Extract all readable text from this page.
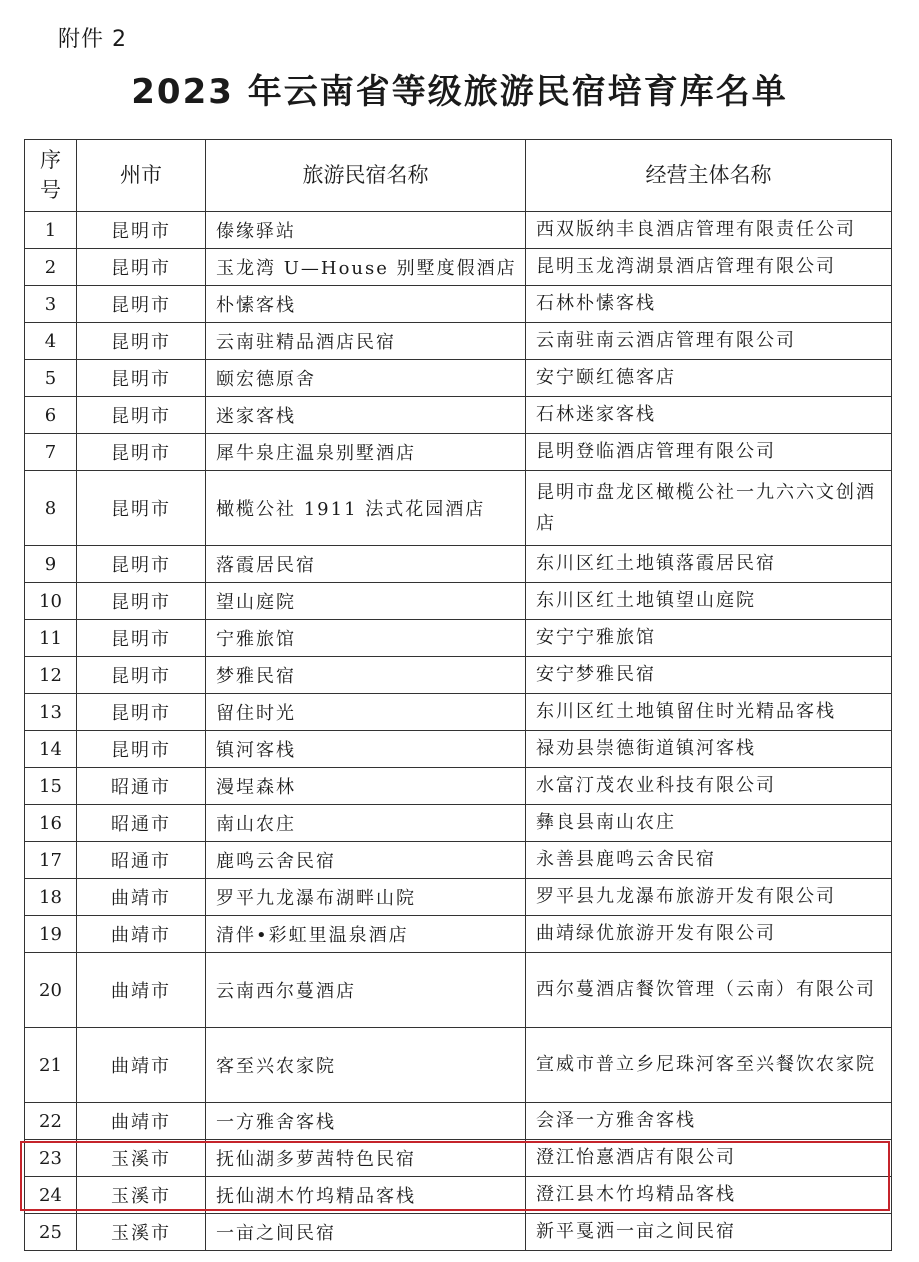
附件 2
2023 年云南省等级旅游民宿培育库名单
序号	州市	旅游民宿名称	经营主体名称
1	昆明市	傣缘驿站	西双版纳丰良酒店管理有限责任公司
2	昆明市	玉龙湾 U—House 别墅度假酒店	昆明玉龙湾湖景酒店管理有限公司
3	昆明市	朴愫客栈	石林朴愫客栈
4	昆明市	云南驻精品酒店民宿	云南驻南云酒店管理有限公司
5	昆明市	颐宏德原舍	安宁颐红德客店
6	昆明市	迷家客栈	石林迷家客栈
7	昆明市	犀牛泉庄温泉别墅酒店	昆明登临酒店管理有限公司
8	昆明市	橄榄公社 1911 法式花园酒店	昆明市盘龙区橄榄公社一九六六文创酒店
9	昆明市	落霞居民宿	东川区红土地镇落霞居民宿
10	昆明市	望山庭院	东川区红土地镇望山庭院
11	昆明市	宁雅旅馆	安宁宁雅旅馆
12	昆明市	梦雅民宿	安宁梦雅民宿
13	昆明市	留住时光	东川区红土地镇留住时光精品客栈
14	昆明市	镇河客栈	禄劝县崇德街道镇河客栈
15	昭通市	漫埕森林	水富汀茂农业科技有限公司
16	昭通市	南山农庄	彝良县南山农庄
17	昭通市	鹿鸣云舍民宿	永善县鹿鸣云舍民宿
18	曲靖市	罗平九龙瀑布湖畔山院	罗平县九龙瀑布旅游开发有限公司
19	曲靖市	清伴•彩虹里温泉酒店	曲靖绿优旅游开发有限公司
20	曲靖市	云南西尔蔓酒店	西尔蔓酒店餐饮管理（云南）有限公司
21	曲靖市	客至兴农家院	宣威市普立乡尼珠河客至兴餐饮农家院
22	曲靖市	一方雅舍客栈	会泽一方雅舍客栈
23	玉溪市	抚仙湖多萝茜特色民宿	澄江怡憙酒店有限公司
24	玉溪市	抚仙湖木竹坞精品客栈	澄江县木竹坞精品客栈
25	玉溪市	一亩之间民宿	新平戛洒一亩之间民宿
